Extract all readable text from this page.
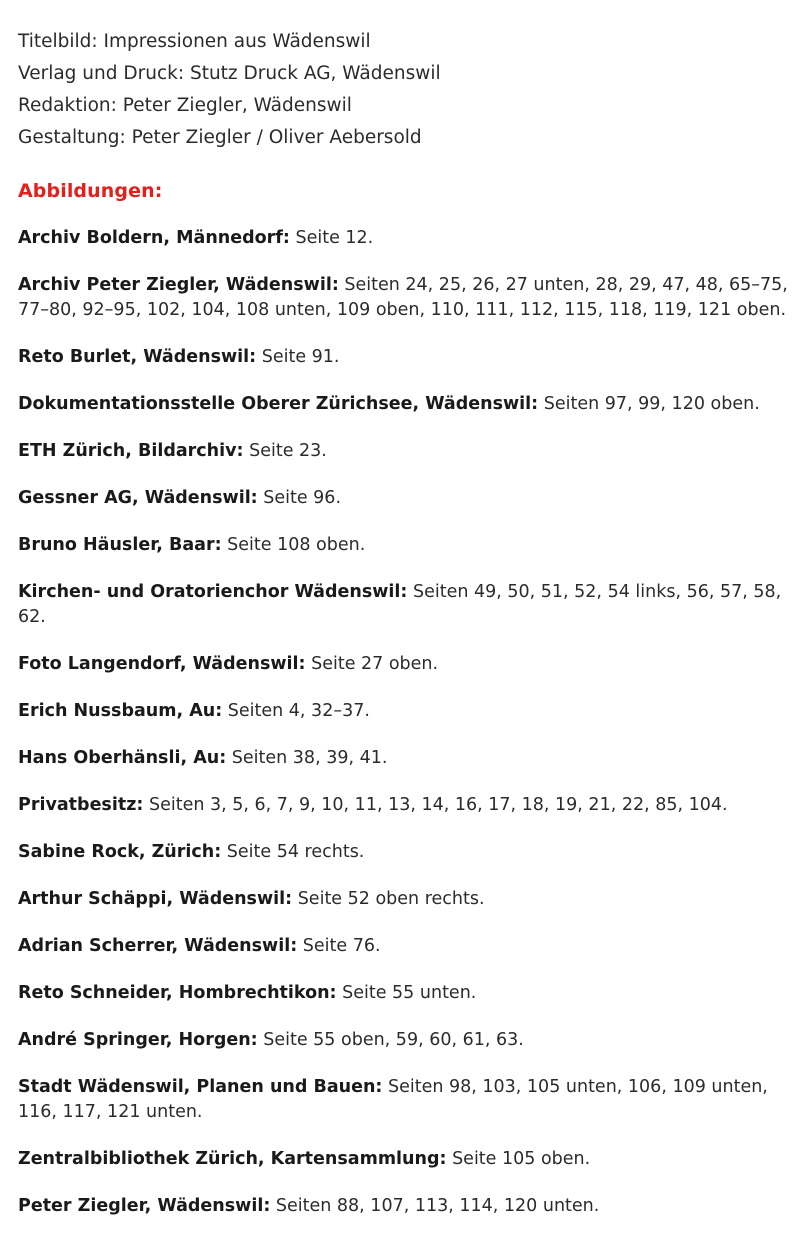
Titelbild: Impressionen aus Wädenswil
Verlag und Druck: Stutz Druck AG, Wädenswil
Redaktion: Peter Ziegler, Wädenswil
Gestaltung: Peter Ziegler / Oliver Aebersold
Abbildungen:
Archiv Boldern, Männedorf: Seite 12.
Archiv Peter Ziegler, Wädenswil: Seiten 24, 25, 26, 27 unten, 28, 29, 47, 48, 65–75, 77–80, 92–95, 102, 104, 108 unten, 109 oben, 110, 111, 112, 115, 118, 119, 121 oben.
Reto Burlet, Wädenswil: Seite 91.
Dokumentationsstelle Oberer Zürichsee, Wädenswil: Seiten 97, 99, 120 oben.
ETH Zürich, Bildarchiv: Seite 23.
Gessner AG, Wädenswil: Seite 96.
Bruno Häusler, Baar: Seite 108 oben.
Kirchen- und Oratorienchor Wädenswil: Seiten 49, 50, 51, 52, 54 links, 56, 57, 58, 62.
Foto Langendorf, Wädenswil: Seite 27 oben.
Erich Nussbaum, Au: Seiten 4, 32–37.
Hans Oberhänsli, Au: Seiten 38, 39, 41.
Privatbesitz: Seiten 3, 5, 6, 7, 9, 10, 11, 13, 14, 16, 17, 18, 19, 21, 22, 85, 104.
Sabine Rock, Zürich: Seite 54 rechts.
Arthur Schäppi, Wädenswil: Seite 52 oben rechts.
Adrian Scherrer, Wädenswil: Seite 76.
Reto Schneider, Hombrechtikon: Seite 55 unten.
André Springer, Horgen: Seite 55 oben, 59, 60, 61, 63.
Stadt Wädenswil, Planen und Bauen: Seiten 98, 103, 105 unten, 106, 109 unten, 116, 117, 121 unten.
Zentralbibliothek Zürich, Kartensammlung: Seite 105 oben.
Peter Ziegler, Wädenswil: Seiten 88, 107, 113, 114, 120 unten.
